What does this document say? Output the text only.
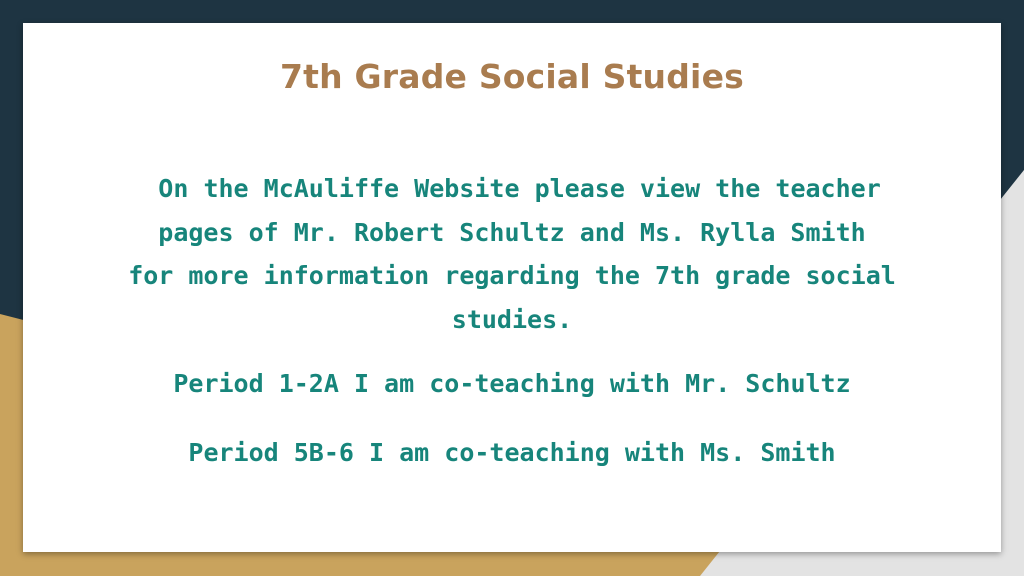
7th Grade Social Studies
On the McAuliffe Website please view the teacher
pages of Mr. Robert Schultz and Ms. Rylla Smith
for more information regarding the 7th grade social
studies.
Period 1-2A I am co-teaching with Mr. Schultz
Period 5B-6 I am co-teaching with Ms. Smith
